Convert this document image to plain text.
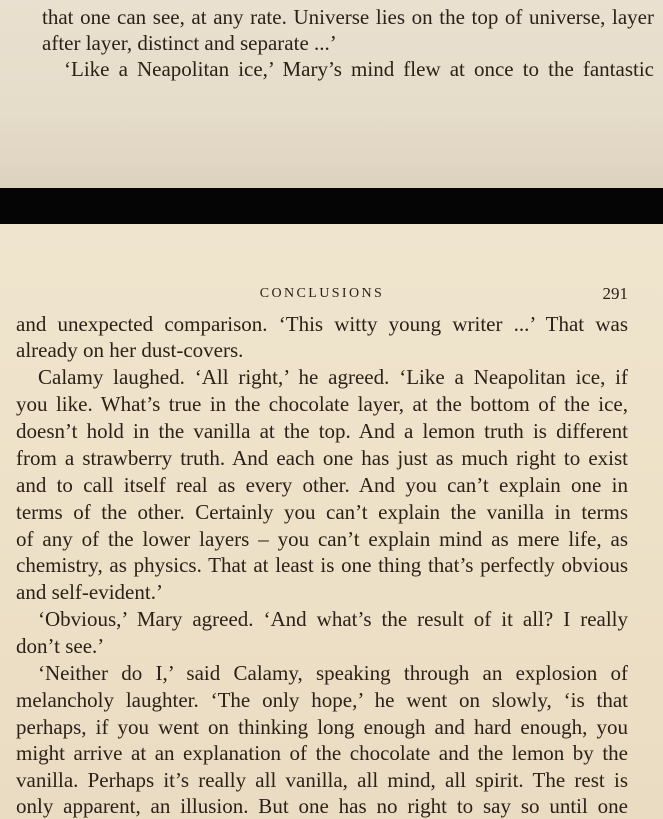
that one can see, at any rate. Universe lies on the top of universe, layer
after layer, distinct and separate ...’
‘Like a Neapolitan ice,’ Mary’s mind flew at once to the fantastic
CONCLUSIONS	291
and unexpected comparison. ‘This witty young writer ...’ That was
already on her dust-covers.
Calamy laughed. ‘All right,’ he agreed. ‘Like a Neapolitan ice, if
you like. What’s true in the chocolate layer, at the bottom of the ice,
doesn’t hold in the vanilla at the top. And a lemon truth is different
from a strawberry truth. And each one has just as much right to exist
and to call itself real as every other. And you can’t explain one in
terms of the other. Certainly you can’t explain the vanilla in terms
of any of the lower layers – you can’t explain mind as mere life, as
chemistry, as physics. That at least is one thing that’s perfectly obvious
and self-evident.’
‘Obvious,’ Mary agreed. ‘And what’s the result of it all? I really
don’t see.’
‘Neither do I,’ said Calamy, speaking through an explosion of
melancholy laughter. ‘The only hope,’ he went on slowly, ‘is that
perhaps, if you went on thinking long enough and hard enough, you
might arrive at an explanation of the chocolate and the lemon by the
vanilla. Perhaps it’s really all vanilla, all mind, all spirit. The rest is
only apparent, an illusion. But one has no right to say so until one
